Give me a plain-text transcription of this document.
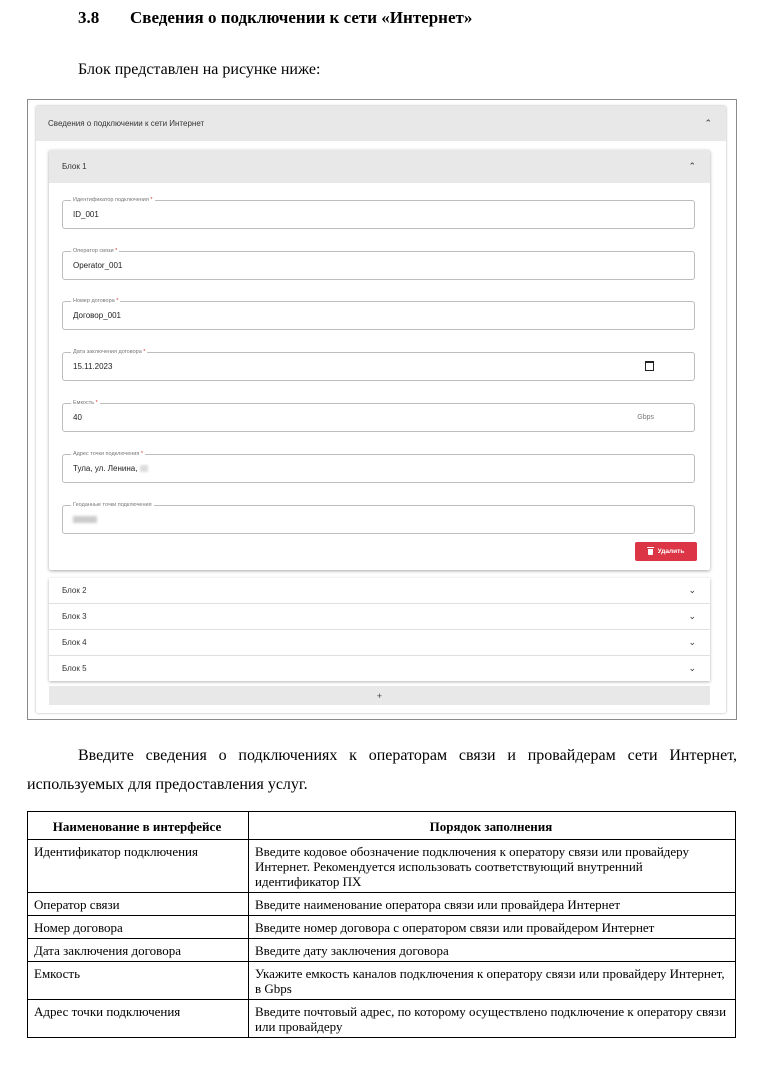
3.8 Сведения о подключении к сети «Интернет»
Блок представлен на рисунке ниже:
Сведения о подключении к сети Интернет	⌃
Блок 1	⌃
Идентификатор подключения *
ID_001
Оператор связи *
Operator_001
Номер договора *
Договор_001
Дата заключения договора *
15.11.2023
Емкость *
40	Gbps
Адрес точки подключения *
Тула, ул. Ленина,
Геоданные точки подключения
Удалить
Блок 2	⌄
Блок 3	⌄
Блок 4	⌄
Блок 5	⌄
+
Введите сведения о подключениях к операторам связи и провайдерам сети Интернет,
используемых для предоставления услуг.
Наименование в интерфейсе	Порядок заполнения
Идентификатор подключения	Введите кодовое обозначение подключения к оператору связи или провайдеру Интернет. Рекомендуется использовать соответствующий внутренний идентификатор ПХ
Оператор связи	Введите наименование оператора связи или провайдера Интернет
Номер договора	Введите номер договора с оператором связи или провайдером Интернет
Дата заключения договора	Введите дату заключения договора
Емкость	Укажите емкость каналов подключения к оператору связи или провайдеру Интернет, в Gbps
Адрес точки подключения	Введите почтовый адрес, по которому осуществлено подключение к оператору связи или провайдеру
